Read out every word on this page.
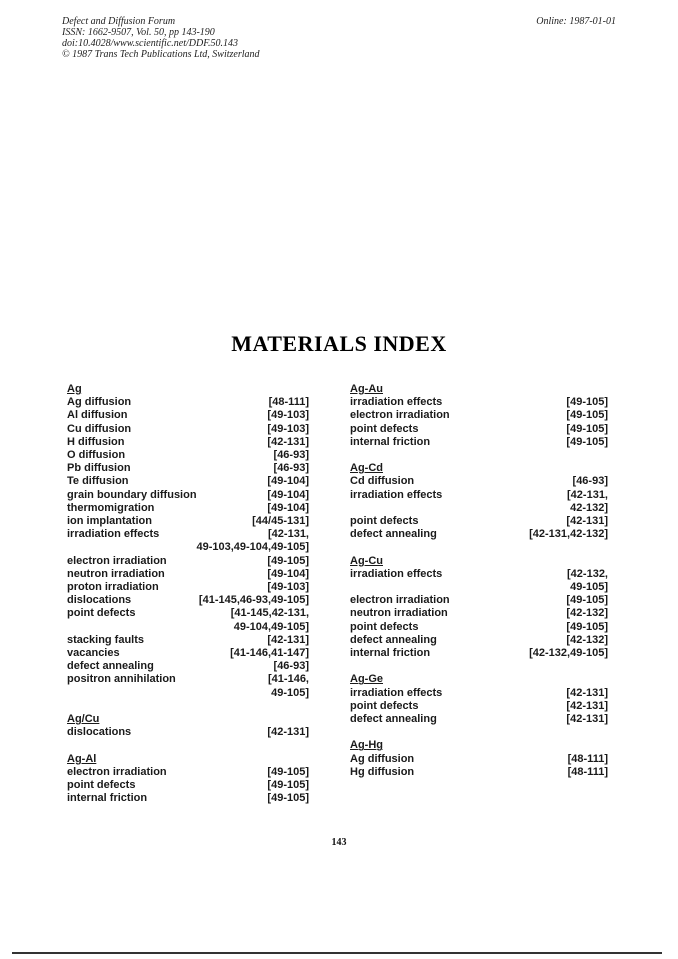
Defect and Diffusion Forum
ISSN: 1662-9507, Vol. 50, pp 143-190
doi:10.4028/www.scientific.net/DDF.50.143
© 1987 Trans Tech Publications Ltd, Switzerland
Online: 1987-01-01
MATERIALS INDEX
Ag
Ag diffusion	[48-111]
Al diffusion	[49-103]
Cu diffusion	[49-103]
H diffusion	[42-131]
O diffusion	[46-93]
Pb diffusion	[46-93]
Te diffusion	[49-104]
grain boundary diffusion	[49-104]
thermomigration	[49-104]
ion implantation	[44/45-131]
irradiation effects	[42-131,
49-103,49-104,49-105]
electron irradiation	[49-105]
neutron irradiation	[49-104]
proton irradiation	[49-103]
dislocations	[41-145,46-93,49-105]
point defects	[41-145,42-131,
49-104,49-105]
stacking faults	[42-131]
vacancies	[41-146,41-147]
defect annealing	[46-93]
positron annihilation	[41-146,
49-105]
Ag/Cu
dislocations	[42-131]
Ag-Al
electron irradiation	[49-105]
point defects	[49-105]
internal friction	[49-105]
Ag-Au
irradiation effects	[49-105]
electron irradiation	[49-105]
point defects	[49-105]
internal friction	[49-105]
Ag-Cd
Cd diffusion	[46-93]
irradiation effects	[42-131,
42-132]
point defects	[42-131]
defect annealing	[42-131,42-132]
Ag-Cu
irradiation effects	[42-132,
49-105]
electron irradiation	[49-105]
neutron irradiation	[42-132]
point defects	[49-105]
defect annealing	[42-132]
internal friction	[42-132,49-105]
Ag-Ge
irradiation effects	[42-131]
point defects	[42-131]
defect annealing	[42-131]
Ag-Hg
Ag diffusion	[48-111]
Hg diffusion	[48-111]
143
